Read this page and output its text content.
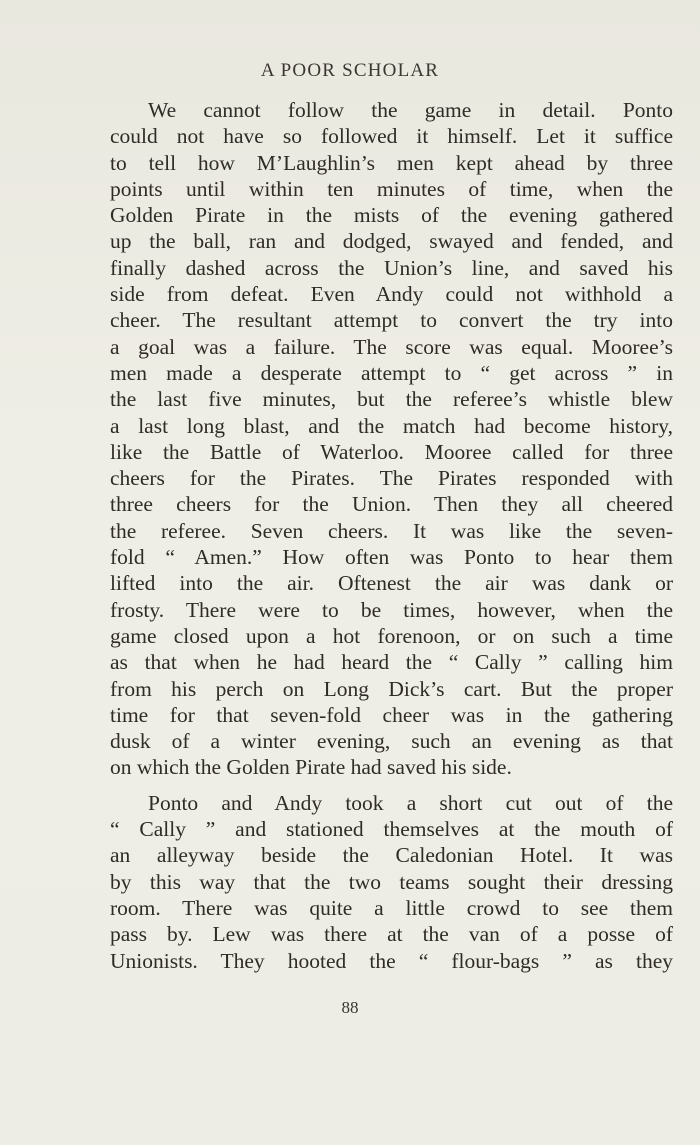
A POOR SCHOLAR
We cannot follow the game in detail. Ponto
could not have so followed it himself. Let it suffice
to tell how M’Laughlin’s men kept ahead by three
points until within ten minutes of time, when the
Golden Pirate in the mists of the evening gathered
up the ball, ran and dodged, swayed and fended, and
finally dashed across the Union’s line, and saved his
side from defeat. Even Andy could not withhold a
cheer. The resultant attempt to convert the try into
a goal was a failure. The score was equal. Mooree’s
men made a desperate attempt to “ get across ” in
the last five minutes, but the referee’s whistle blew
a last long blast, and the match had become history,
like the Battle of Waterloo. Mooree called for three
cheers for the Pirates. The Pirates responded with
three cheers for the Union. Then they all cheered
the referee. Seven cheers. It was like the seven-
fold “ Amen.” How often was Ponto to hear them
lifted into the air. Oftenest the air was dank or
frosty. There were to be times, however, when the
game closed upon a hot forenoon, or on such a time
as that when he had heard the “ Cally ” calling him
from his perch on Long Dick’s cart. But the proper
time for that seven-fold cheer was in the gathering
dusk of a winter evening, such an evening as that
on which the Golden Pirate had saved his side.
Ponto and Andy took a short cut out of the
“ Cally ” and stationed themselves at the mouth of
an alleyway beside the Caledonian Hotel. It was
by this way that the two teams sought their dressing
room. There was quite a little crowd to see them
pass by. Lew was there at the van of a posse of
Unionists. They hooted the “ flour-bags ” as they
88
